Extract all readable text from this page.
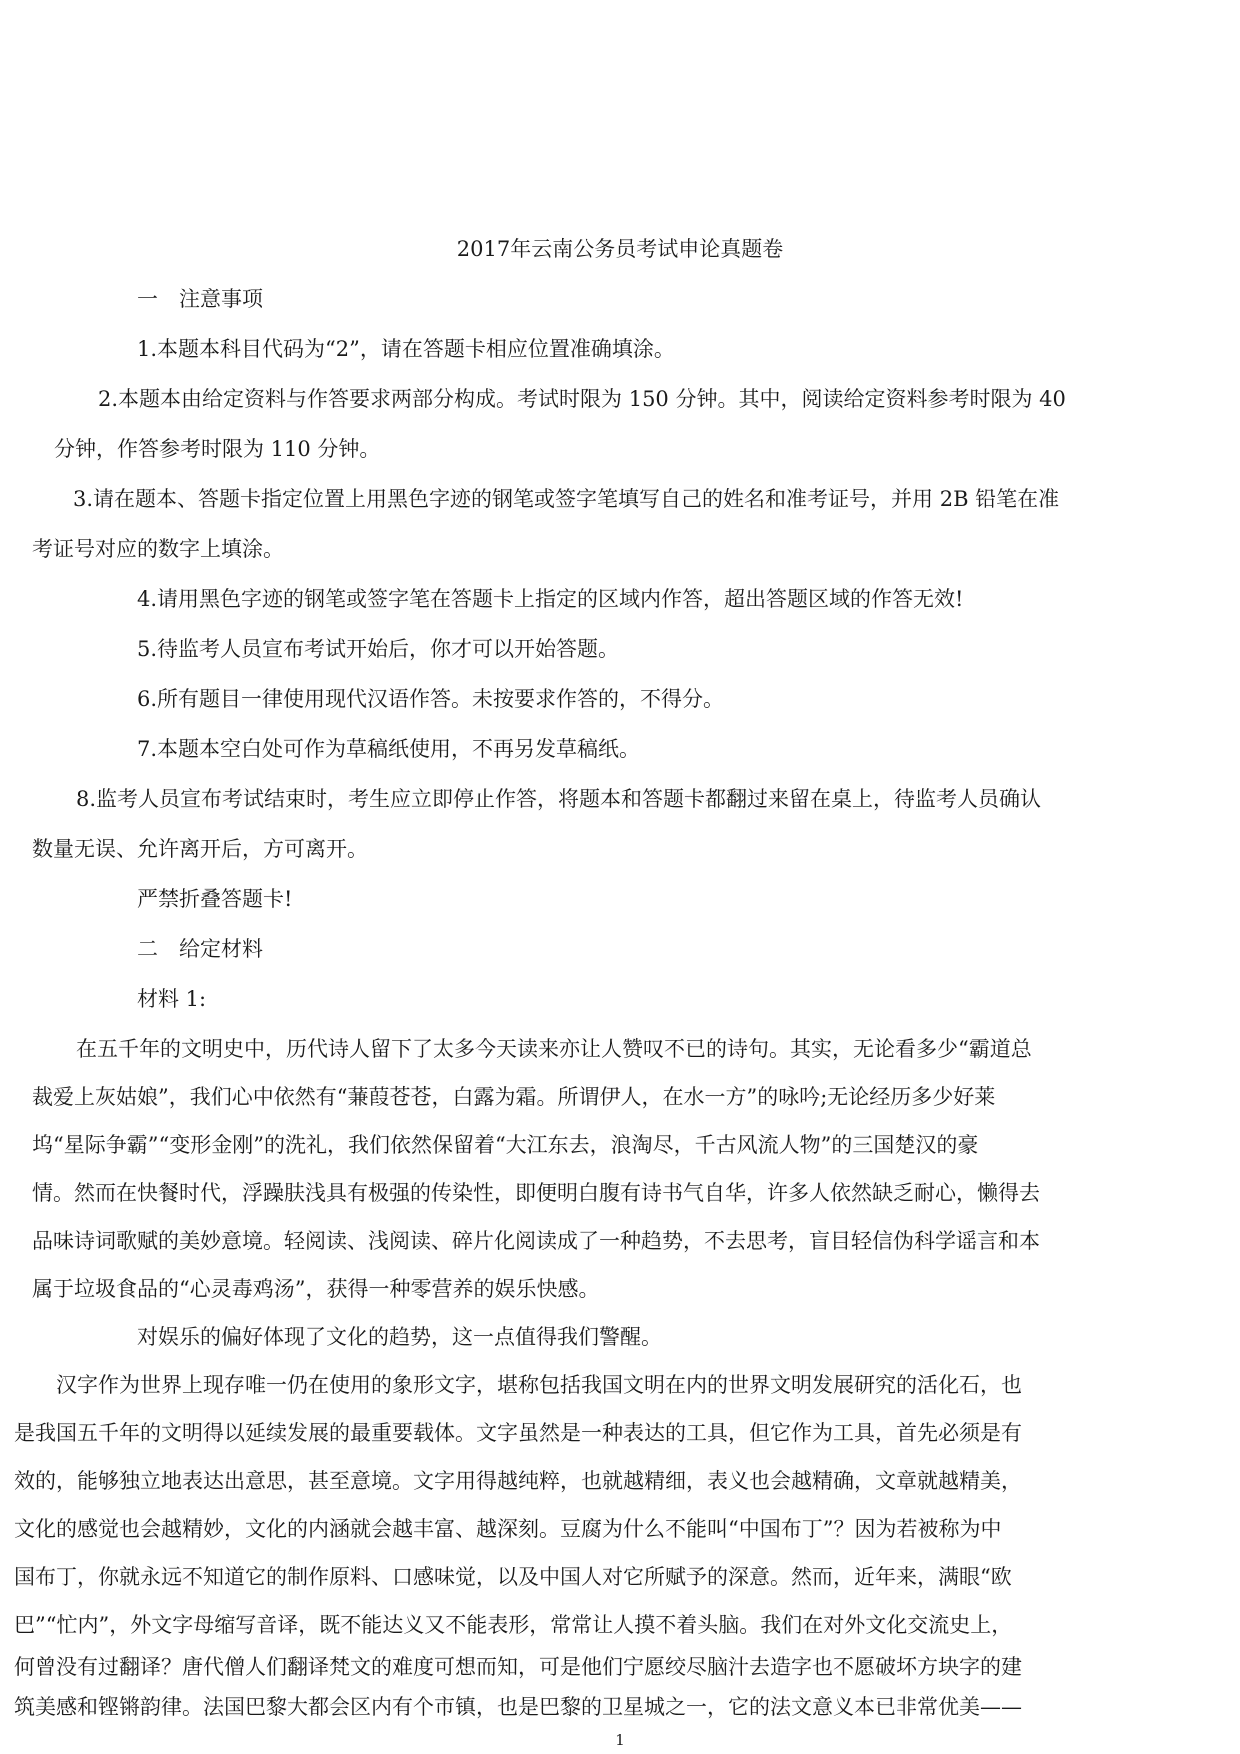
2017年云南公务员考试申论真题卷
一　注意事项
1.本题本科目代码为“2”，请在答题卡相应位置准确填涂。
2.本题本由给定资料与作答要求两部分构成。考试时限为 150 分钟。其中，阅读给定资料参考时限为 40
分钟，作答参考时限为 110 分钟。
3.请在题本、答题卡指定位置上用黑色字迹的钢笔或签字笔填写自己的姓名和准考证号，并用 2B 铅笔在准
考证号对应的数字上填涂。
4.请用黑色字迹的钢笔或签字笔在答题卡上指定的区域内作答，超出答题区域的作答无效!
5.待监考人员宣布考试开始后，你才可以开始答题。
6.所有题目一律使用现代汉语作答。未按要求作答的，不得分。
7.本题本空白处可作为草稿纸使用，不再另发草稿纸。
8.监考人员宣布考试结束时，考生应立即停止作答，将题本和答题卡都翻过来留在桌上，待监考人员确认
数量无误、允许离开后，方可离开。
严禁折叠答题卡!
二　给定材料
材料 1:
在五千年的文明史中，历代诗人留下了太多今天读来亦让人赞叹不已的诗句。其实，无论看多少“霸道总
裁爱上灰姑娘”，我们心中依然有“蒹葭苍苍，白露为霜。所谓伊人，在水一方”的咏吟;无论经历多少好莱
坞“星际争霸”“变形金刚”的洗礼，我们依然保留着“大江东去，浪淘尽，千古风流人物”的三国楚汉的豪
情。然而在快餐时代，浮躁肤浅具有极强的传染性，即便明白腹有诗书气自华，许多人依然缺乏耐心，懒得去
品味诗词歌赋的美妙意境。轻阅读、浅阅读、碎片化阅读成了一种趋势，不去思考，盲目轻信伪科学谣言和本
属于垃圾食品的“心灵毒鸡汤”，获得一种零营养的娱乐快感。
对娱乐的偏好体现了文化的趋势，这一点值得我们警醒。
汉字作为世界上现存唯一仍在使用的象形文字，堪称包括我国文明在内的世界文明发展研究的活化石，也
是我国五千年的文明得以延续发展的最重要载体。文字虽然是一种表达的工具，但它作为工具，首先必须是有
效的，能够独立地表达出意思，甚至意境。文字用得越纯粹，也就越精细，表义也会越精确，文章就越精美，
文化的感觉也会越精妙，文化的内涵就会越丰富、越深刻。豆腐为什么不能叫“中国布丁”？因为若被称为中
国布丁，你就永远不知道它的制作原料、口感味觉，以及中国人对它所赋予的深意。然而，近年来，满眼“欧
巴”“忙内”，外文字母缩写音译，既不能达义又不能表形，常常让人摸不着头脑。我们在对外文化交流史上，
何曾没有过翻译？唐代僧人们翻译梵文的难度可想而知，可是他们宁愿绞尽脑汁去造字也不愿破坏方块字的建
筑美感和铿锵韵律。法国巴黎大都会区内有个市镇，也是巴黎的卫星城之一，它的法文意义本已非常优美——
1
